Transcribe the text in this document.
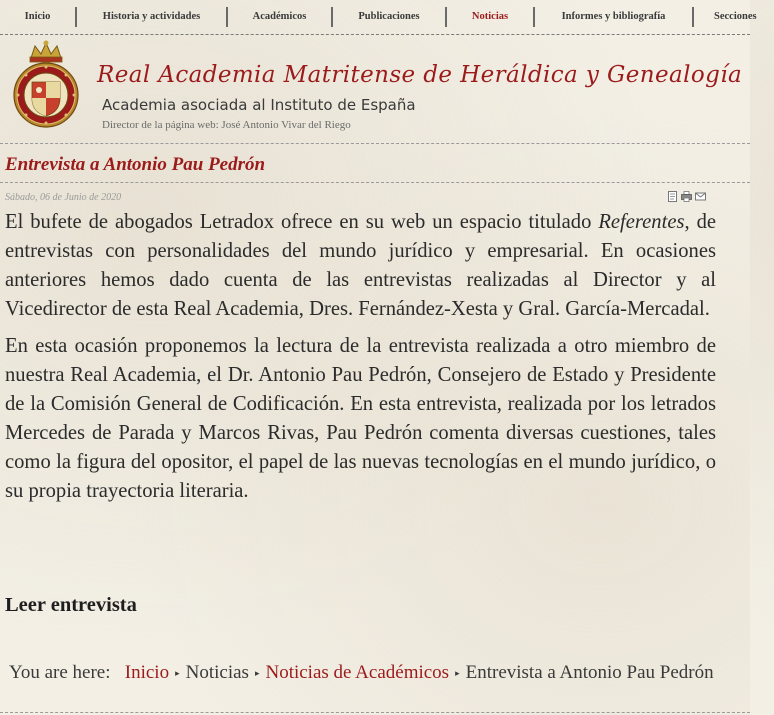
Inicio	Historia y actividades	Académicos	Publicaciones	Noticias	Informes y bibliografía	Secciones
Real Academia Matritense de Heráldica y Genealogía
Academia asociada al Instituto de España
Director de la página web: José Antonio Vivar del Riego
Entrevista a Antonio Pau Pedrón
Sábado, 06 de Junio de 2020

El bufete de abogados Letradox ofrece en su web un espacio titulado Referentes, de entrevistas con personalidades del mundo jurídico y empresarial. En ocasiones anteriores hemos dado cuenta de las entrevistas realizadas al Director y al Vicedirector de esta Real Academia, Dres. Fernández-Xesta y Gral. García-Mercadal.

En esta ocasión proponemos la lectura de la entrevista realizada a otro miembro de nuestra Real Academia, el Dr. Antonio Pau Pedrón, Consejero de Estado y Presidente de la Comisión General de Codificación. En esta entrevista, realizada por los letrados Mercedes de Parada y Marcos Rivas, Pau Pedrón comenta diversas cuestiones, tales como la figura del opositor, el papel de las nuevas tecnologías en el mundo jurídico, o su propia trayectoria literaria.

Leer entrevista
You are here: Inicio ▸ Noticias ▸ Noticias de Académicos ▸ Entrevista a Antonio Pau Pedrón
